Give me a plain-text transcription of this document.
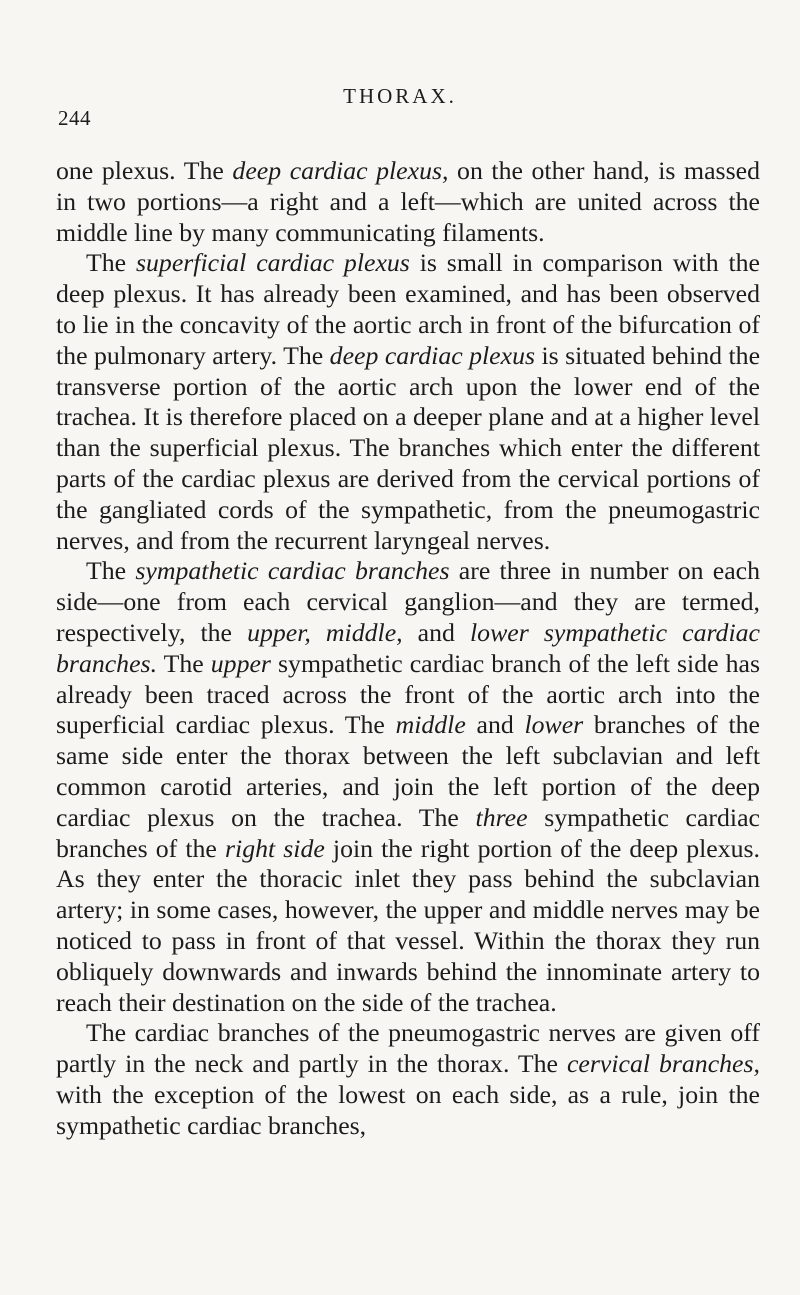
244
THORAX.

one plexus. The deep cardiac plexus, on the other hand, is massed in two portions—a right and a left—which are united across the middle line by many communicating filaments.

The superficial cardiac plexus is small in comparison with the deep plexus. It has already been examined, and has been observed to lie in the concavity of the aortic arch in front of the bifurcation of the pulmonary artery. The deep cardiac plexus is situated behind the transverse portion of the aortic arch upon the lower end of the trachea. It is therefore placed on a deeper plane and at a higher level than the superficial plexus. The branches which enter the different parts of the cardiac plexus are derived from the cervical portions of the gangliated cords of the sympathetic, from the pneumogastric nerves, and from the recurrent laryngeal nerves.

The sympathetic cardiac branches are three in number on each side—one from each cervical ganglion—and they are termed, respectively, the upper, middle, and lower sympathetic cardiac branches. The upper sympathetic cardiac branch of the left side has already been traced across the front of the aortic arch into the superficial cardiac plexus. The middle and lower branches of the same side enter the thorax between the left subclavian and left common carotid arteries, and join the left portion of the deep cardiac plexus on the trachea. The three sympathetic cardiac branches of the right side join the right portion of the deep plexus. As they enter the thoracic inlet they pass behind the subclavian artery; in some cases, however, the upper and middle nerves may be noticed to pass in front of that vessel. Within the thorax they run obliquely downwards and inwards behind the innominate artery to reach their destination on the side of the trachea.

The cardiac branches of the pneumogastric nerves are given off partly in the neck and partly in the thorax. The cervical branches, with the exception of the lowest on each side, as a rule, join the sympathetic cardiac branches,
